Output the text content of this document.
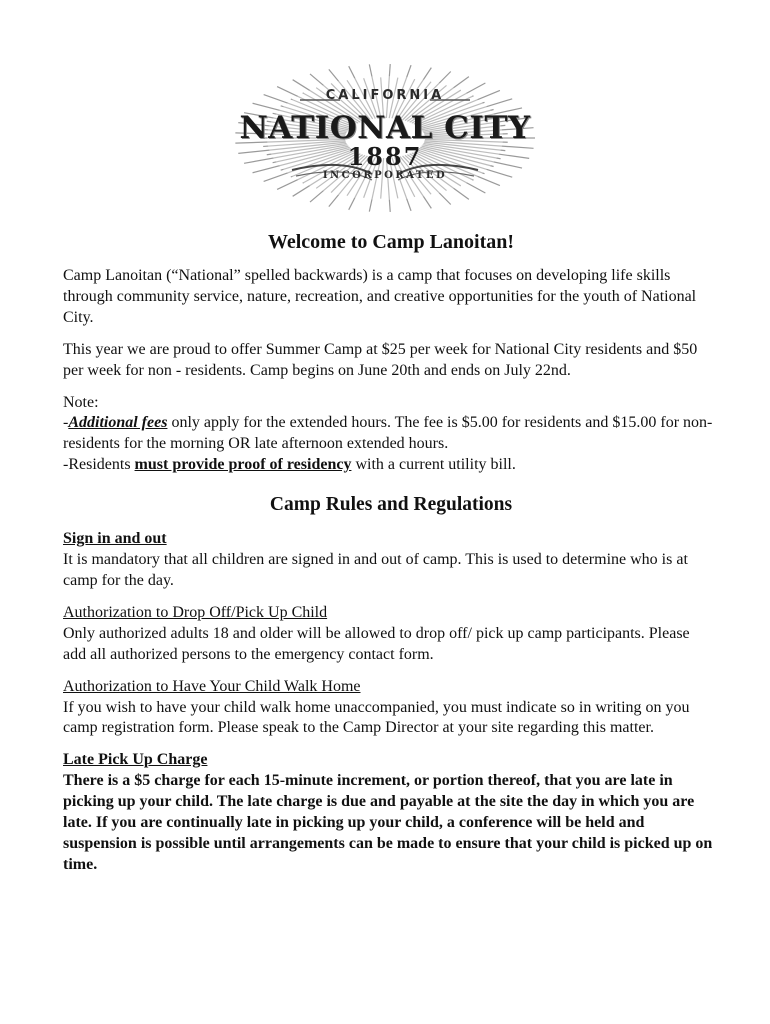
CALIFORNIA
NATIONAL CITY
1887
INCORPORATED
Welcome to Camp Lanoitan!

Camp Lanoitan (“National” spelled backwards) is a camp that focuses on developing life skills through community service, nature, recreation, and creative opportunities for the youth of National City.

This year we are proud to offer Summer Camp at $25 per week for National City residents and $50 per week for non - residents. Camp begins on June 20th and ends on July 22nd.

Note:
-Additional fees only apply for the extended hours. The fee is $5.00 for residents and $15.00 for non-residents for the morning OR late afternoon extended hours.
-Residents must provide proof of residency with a current utility bill.

Camp Rules and Regulations

Sign in and out
It is mandatory that all children are signed in and out of camp. This is used to determine who is at camp for the day.

Authorization to Drop Off/Pick Up Child
Only authorized adults 18 and older will be allowed to drop off/ pick up camp participants. Please add all authorized persons to the emergency contact form.

Authorization to Have Your Child Walk Home
If you wish to have your child walk home unaccompanied, you must indicate so in writing on you camp registration form. Please speak to the Camp Director at your site regarding this matter.

Late Pick Up Charge
There is a $5 charge for each 15-minute increment, or portion thereof, that you are late in picking up your child. The late charge is due and payable at the site the day in which you are late. If you are continually late in picking up your child, a conference will be held and suspension is possible until arrangements can be made to ensure that your child is picked up on time.
